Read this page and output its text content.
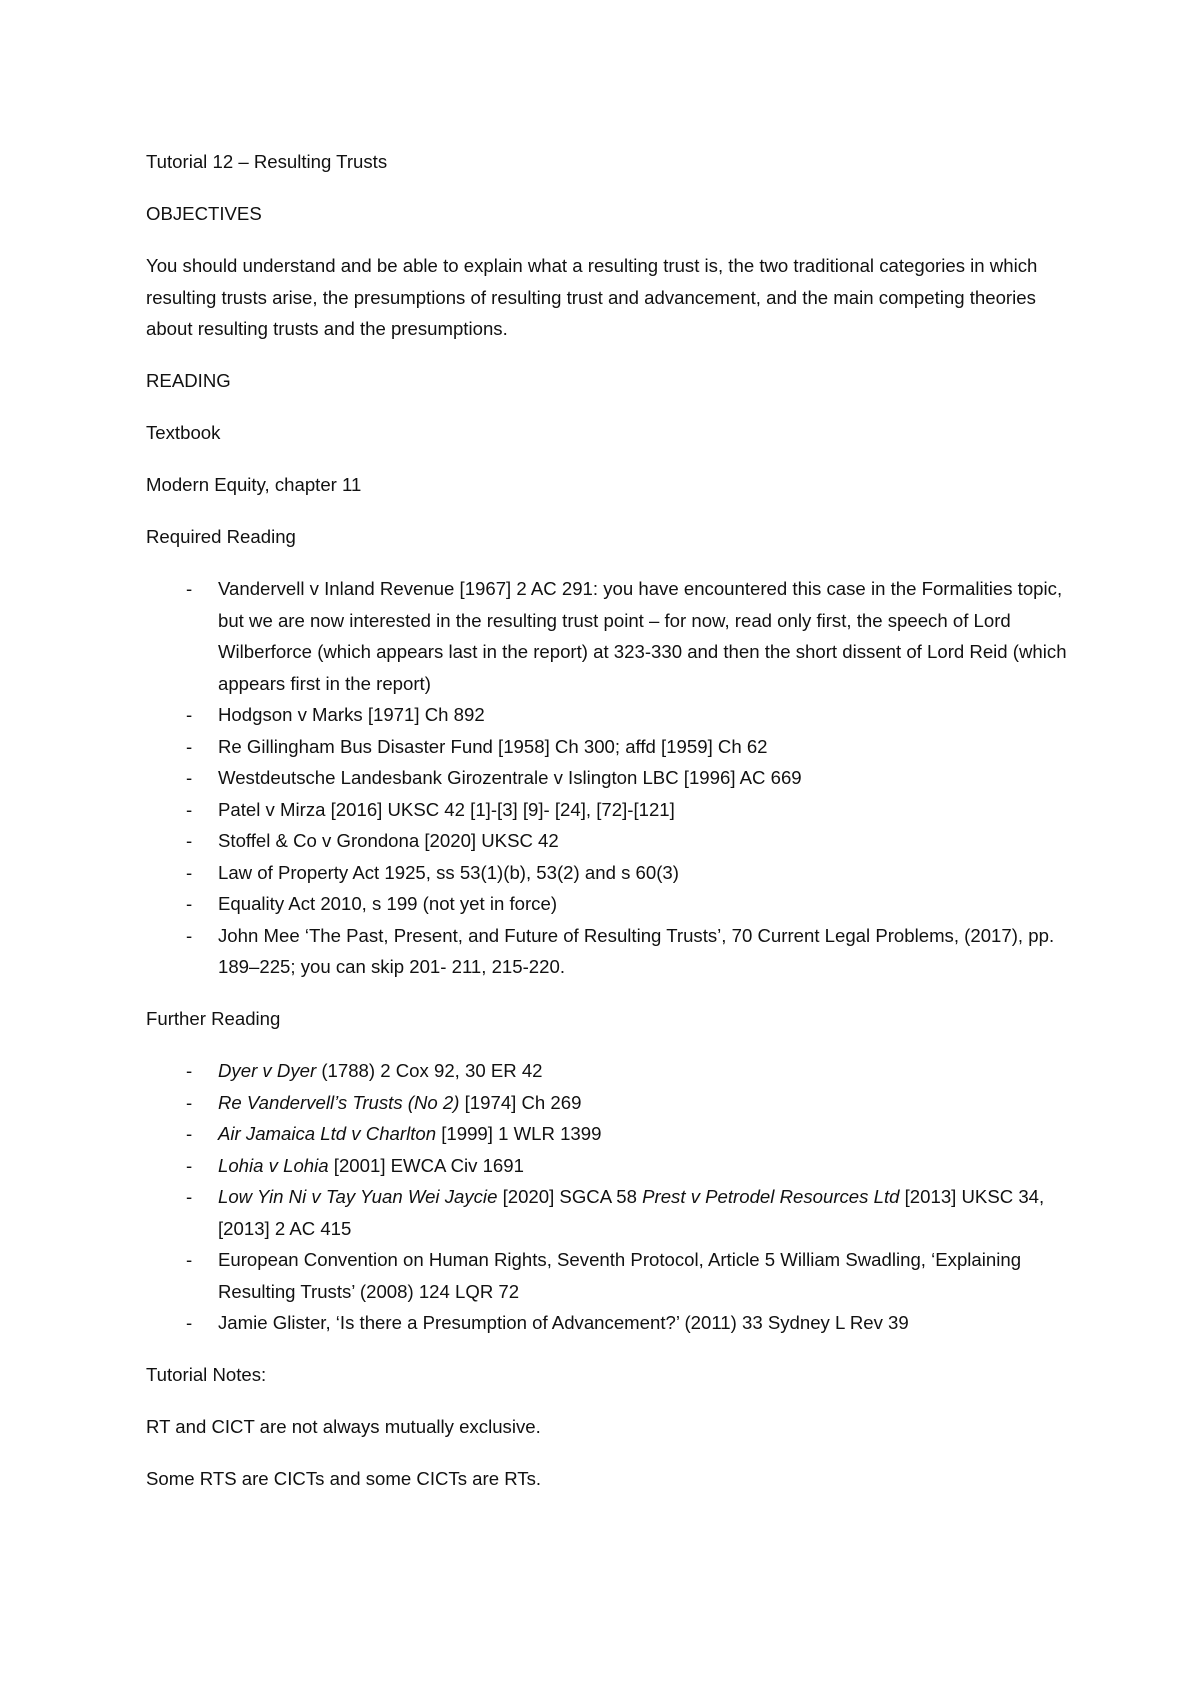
Tutorial 12 – Resulting Trusts

OBJECTIVES

You should understand and be able to explain what a resulting trust is, the two traditional categories in which resulting trusts arise, the presumptions of resulting trust and advancement, and the main competing theories about resulting trusts and the presumptions.

READING

Textbook

Modern Equity, chapter 11

Required Reading

- Vandervell v Inland Revenue [1967] 2 AC 291: you have encountered this case in the Formalities topic, but we are now interested in the resulting trust point – for now, read only first, the speech of Lord Wilberforce (which appears last in the report) at 323-330 and then the short dissent of Lord Reid (which appears first in the report)
- Hodgson v Marks [1971] Ch 892
- Re Gillingham Bus Disaster Fund [1958] Ch 300; affd [1959] Ch 62
- Westdeutsche Landesbank Girozentrale v Islington LBC [1996] AC 669
- Patel v Mirza [2016] UKSC 42 [1]-[3] [9]- [24], [72]-[121]
- Stoffel & Co v Grondona [2020] UKSC 42
- Law of Property Act 1925, ss 53(1)(b), 53(2) and s 60(3)
- Equality Act 2010, s 199 (not yet in force)
- John Mee ‘The Past, Present, and Future of Resulting Trusts’, 70 Current Legal Problems, (2017), pp. 189–225; you can skip 201- 211, 215-220.

Further Reading

- Dyer v Dyer (1788) 2 Cox 92, 30 ER 42
- Re Vandervell’s Trusts (No 2) [1974] Ch 269
- Air Jamaica Ltd v Charlton [1999] 1 WLR 1399
- Lohia v Lohia [2001] EWCA Civ 1691
- Low Yin Ni v Tay Yuan Wei Jaycie [2020] SGCA 58 Prest v Petrodel Resources Ltd [2013] UKSC 34, [2013] 2 AC 415
- European Convention on Human Rights, Seventh Protocol, Article 5 William Swadling, ‘Explaining Resulting Trusts’ (2008) 124 LQR 72
- Jamie Glister, ‘Is there a Presumption of Advancement?’ (2011) 33 Sydney L Rev 39

Tutorial Notes:

RT and CICT are not always mutually exclusive.

Some RTS are CICTs and some CICTs are RTs.
